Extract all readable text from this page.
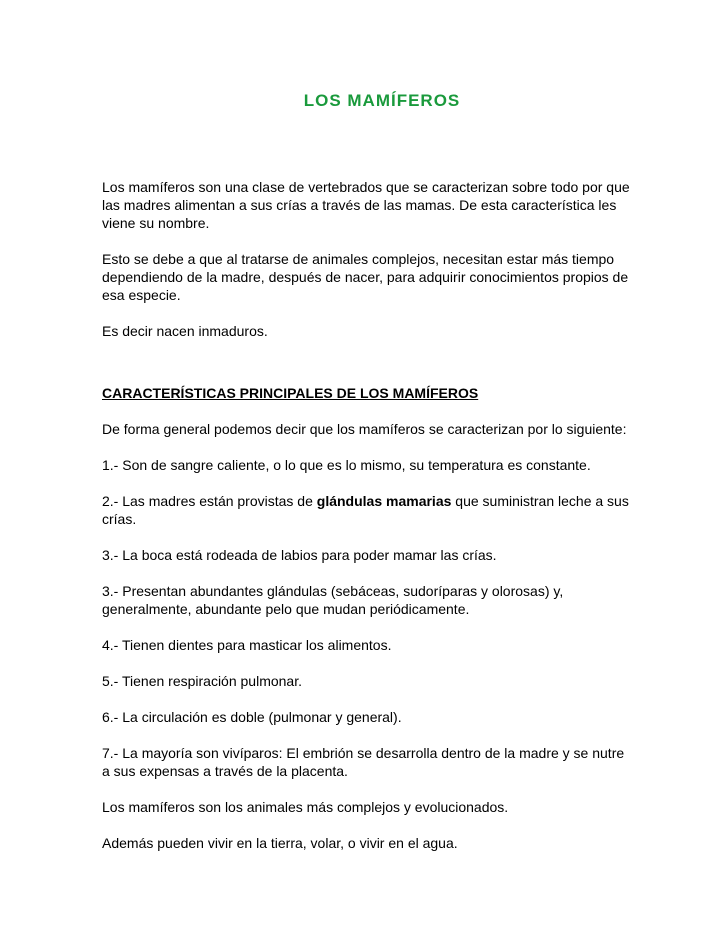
LOS MAMÍFEROS

Los mamíferos son una clase de vertebrados que se caracterizan sobre todo por que las madres alimentan a sus crías a través de las mamas. De esta característica les viene su nombre.

Esto se debe a que al tratarse de animales complejos, necesitan estar más tiempo dependiendo de la madre, después de nacer, para adquirir conocimientos propios de esa especie.

Es decir nacen inmaduros.

CARACTERÍSTICAS PRINCIPALES DE LOS MAMÍFEROS

De forma general podemos decir que los mamíferos se caracterizan por lo siguiente:

1.- Son de sangre caliente, o lo que es lo mismo, su temperatura es constante.

2.- Las madres están provistas de glándulas mamarias que suministran leche a sus crías.

3.- La boca está rodeada de labios para poder mamar las crías.

3.- Presentan abundantes glándulas (sebáceas, sudoríparas y olorosas) y, generalmente, abundante pelo que mudan periódicamente.

4.- Tienen dientes para masticar los alimentos.

5.- Tienen respiración pulmonar.

6.- La circulación es doble (pulmonar y general).

7.- La mayoría son vivíparos: El embrión se desarrolla dentro de la madre y se nutre a sus expensas a través de la placenta.

Los mamíferos son los animales más complejos y evolucionados.

Además pueden vivir en la tierra, volar, o vivir en el agua.
